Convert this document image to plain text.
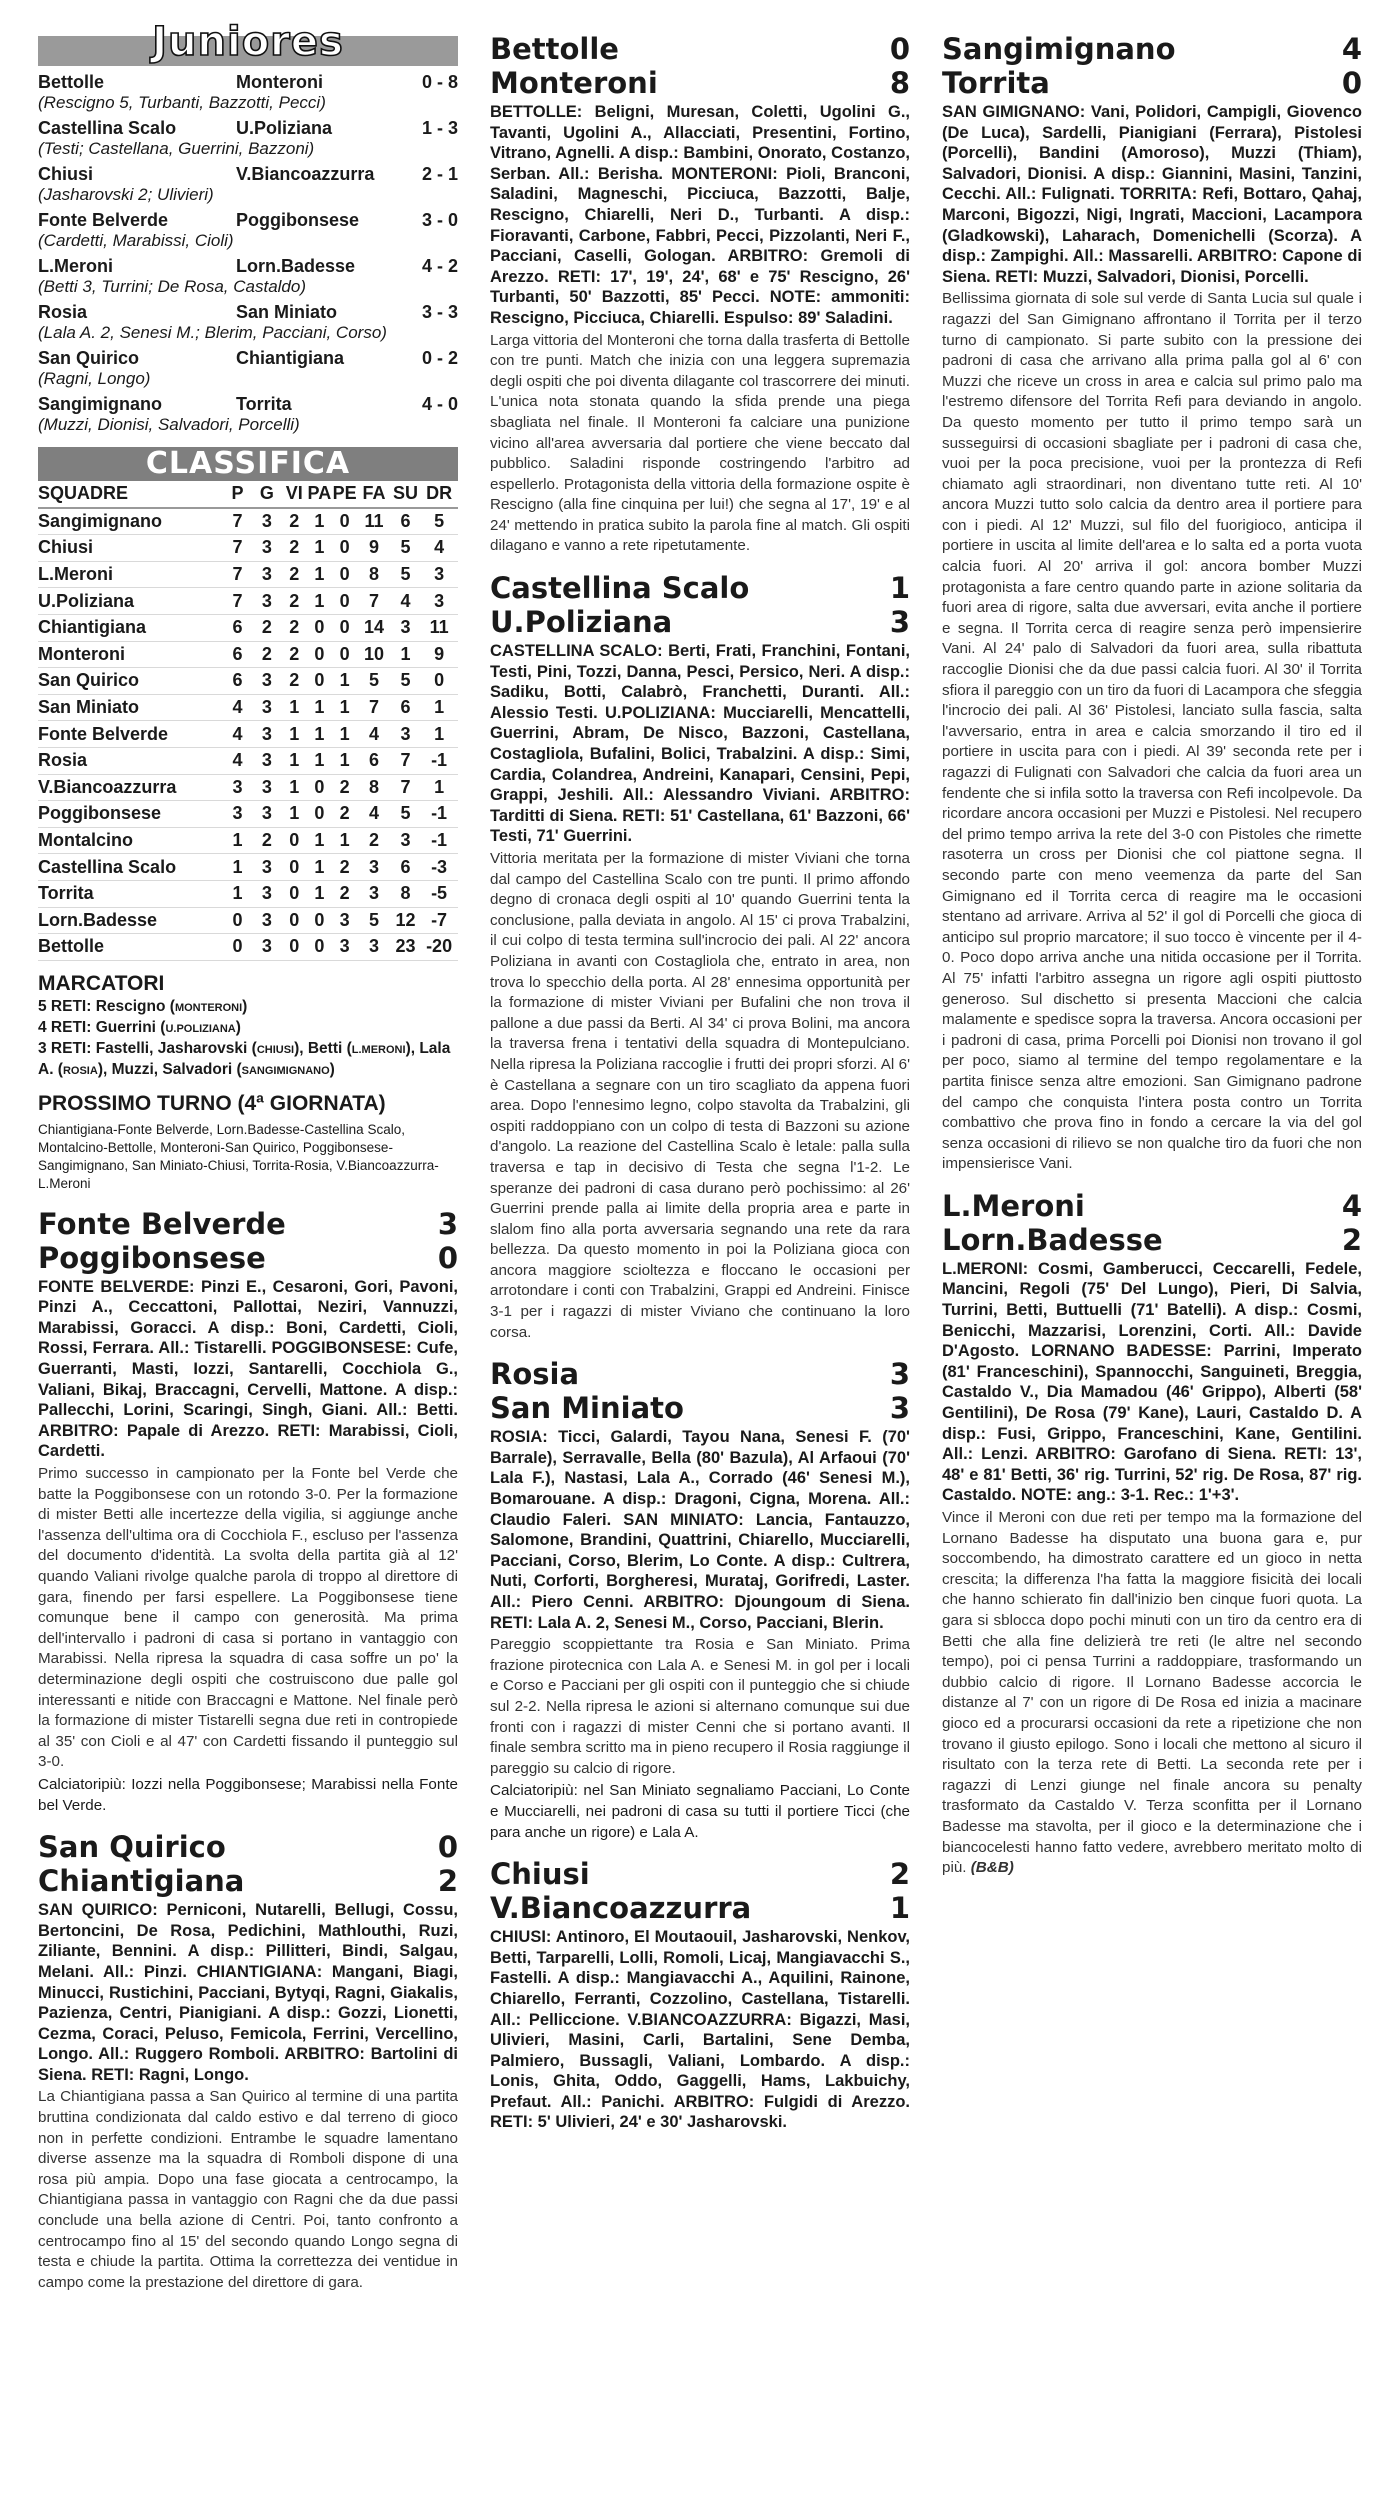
Juniores
Bettolle	Monteroni	0 - 8
(Rescigno 5, Turbanti, Bazzotti, Pecci)
Castellina Scalo	U.Poliziana	1 - 3
(Testi; Castellana, Guerrini, Bazzoni)
Chiusi	V.Biancoazzurra	2 - 1
(Jasharovski 2; Ulivieri)
Fonte Belverde	Poggibonsese	3 - 0
(Cardetti, Marabissi, Cioli)
L.Meroni	Lorn.Badesse	4 - 2
(Betti 3, Turrini; De Rosa, Castaldo)
Rosia	San Miniato	3 - 3
(Lala A. 2, Senesi M.; Blerim, Pacciani, Corso)
San Quirico	Chiantigiana	0 - 2
(Ragni, Longo)
Sangimignano	Torrita	4 - 0
(Muzzi, Dionisi, Salvadori, Porcelli)
CLASSIFICA
SQUADRE	P	G	VI	PA	PE	FA	SU	DR
Sangimignano	7	3	2	1	0	11	6	5
Chiusi	7	3	2	1	0	9	5	4
L.Meroni	7	3	2	1	0	8	5	3
U.Poliziana	7	3	2	1	0	7	4	3
Chiantigiana	6	2	2	0	0	14	3	11
Monteroni	6	2	2	0	0	10	1	9
San Quirico	6	3	2	0	1	5	5	0
San Miniato	4	3	1	1	1	7	6	1
Fonte Belverde	4	3	1	1	1	4	3	1
Rosia	4	3	1	1	1	6	7	-1
V.Biancoazzurra	3	3	1	0	2	8	7	1
Poggibonsese	3	3	1	0	2	4	5	-1
Montalcino	1	2	0	1	1	2	3	-1
Castellina Scalo	1	3	0	1	2	3	6	-3
Torrita	1	3	0	1	2	3	8	-5
Lorn.Badesse	0	3	0	0	3	5	12	-7
Bettolle	0	3	0	0	3	3	23	-20
MARCATORI
5 RETI: Rescigno (MONTERONI)
4 RETI: Guerrini (U.POLIZIANA)
3 RETI: Fastelli, Jasharovski (CHIUSI), Betti (L.MERONI), Lala A. (ROSIA), Muzzi, Salvadori (SANGIMIGNANO)
PROSSIMO TURNO (4ª GIORNATA)
Chiantigiana-Fonte Belverde, Lorn.Badesse-Castellina Scalo, Montalcino-Bettolle, Monteroni-San Quirico, Poggibonsese-Sangimignano, San Miniato-Chiusi, Torrita-Rosia, V.Biancoazzurra-L.Meroni
Fonte Belverde	3
Poggibonsese	0
FONTE BELVERDE: Pinzi E., Cesaroni, Gori, Pavoni, Pinzi A., Ceccattoni, Pallottai, Neziri, Vannuzzi, Marabissi, Goracci. A disp.: Boni, Cardetti, Cioli, Rossi, Ferrara. All.: Tistarelli. POGGIBONSESE: Cufe, Guerranti, Masti, Iozzi, Santarelli, Cocchiola G., Valiani, Bikaj, Braccagni, Cervelli, Mattone. A disp.: Pallecchi, Lorini, Scaringi, Singh, Giani. All.: Betti. ARBITRO: Papale di Arezzo. RETI: Marabissi, Cioli, Cardetti.
Primo successo in campionato per la Fonte bel Verde che batte la Poggibonsese con un rotondo 3-0. Per la formazione di mister Betti alle incertezze della vigilia, si aggiunge anche l'assenza dell'ultima ora di Cocchiola F., escluso per l'assenza del documento d'identità. La svolta della partita già al 12' quando Valiani rivolge qualche parola di troppo al direttore di gara, finendo per farsi espellere. La Poggibonsese tiene comunque bene il campo con generosità. Ma prima dell'intervallo i padroni di casa si portano in vantaggio con Marabissi. Nella ripresa la squadra di casa soffre un po' la determinazione degli ospiti che costruiscono due palle gol interessanti e nitide con Braccagni e Mattone. Nel finale però la formazione di mister Tistarelli segna due reti in contropiede al 35' con Cioli e al 47' con Cardetti fissando il punteggio sul 3-0.
Calciatoripiù: Iozzi nella Poggibonsese; Marabissi nella Fonte bel Verde.
San Quirico	0
Chiantigiana	2
SAN QUIRICO: Perniconi, Nutarelli, Bellugi, Cossu, Bertoncini, De Rosa, Pedichini, Mathlouthi, Ruzi, Ziliante, Bennini. A disp.: Pillitteri, Bindi, Salgau, Melani. All.: Pinzi. CHIANTIGIANA: Mangani, Biagi, Minucci, Rustichini, Pacciani, Bytyqi, Ragni, Giakalis, Pazienza, Centri, Pianigiani. A disp.: Gozzi, Lionetti, Cezma, Coraci, Peluso, Femicola, Ferrini, Vercellino, Longo. All.: Ruggero Romboli. ARBITRO: Bartolini di Siena. RETI: Ragni, Longo.
La Chiantigiana passa a San Quirico al termine di una partita bruttina condizionata dal caldo estivo e dal terreno di gioco non in perfette condizioni. Entrambe le squadre lamentano diverse assenze ma la squadra di Romboli dispone di una rosa più ampia. Dopo una fase giocata a centrocampo, la Chiantigiana passa in vantaggio con Ragni che da due passi conclude una bella azione di Centri. Poi, tanto confronto a centrocampo fino al 15' del secondo quando Longo segna di testa e chiude la partita. Ottima la correttezza dei ventidue in campo come la prestazione del direttore di gara.
Bettolle	0
Monteroni	8
BETTOLLE: Beligni, Muresan, Coletti, Ugolini G., Tavanti, Ugolini A., Allacciati, Presentini, Fortino, Vitrano, Agnelli. A disp.: Bambini, Onorato, Costanzo, Serban. All.: Berisha. MONTERONI: Pioli, Branconi, Saladini, Magneschi, Picciuca, Bazzotti, Balje, Rescigno, Chiarelli, Neri D., Turbanti. A disp.: Fioravanti, Carbone, Fabbri, Pecci, Pizzolanti, Neri F., Pacciani, Caselli, Gologan. ARBITRO: Gremoli di Arezzo. RETI: 17', 19', 24', 68' e 75' Rescigno, 26' Turbanti, 50' Bazzotti, 85' Pecci. NOTE: ammoniti: Rescigno, Picciuca, Chiarelli. Espulso: 89' Saladini.
Larga vittoria del Monteroni che torna dalla trasferta di Bettolle con tre punti. Match che inizia con una leggera supremazia degli ospiti che poi diventa dilagante col trascorrere dei minuti. L'unica nota stonata quando la sfida prende una piega sbagliata nel finale. Il Monteroni fa calciare una punizione vicino all'area avversaria dal portiere che viene beccato dal pubblico. Saladini risponde costringendo l'arbitro ad espellerlo. Protagonista della vittoria della formazione ospite è Rescigno (alla fine cinquina per lui!) che segna al 17', 19' e al 24' mettendo in pratica subito la parola fine al match. Gli ospiti dilagano e vanno a rete ripetutamente.
Castellina Scalo	1
U.Poliziana	3
CASTELLINA SCALO: Berti, Frati, Franchini, Fontani, Testi, Pini, Tozzi, Danna, Pesci, Persico, Neri. A disp.: Sadiku, Botti, Calabrò, Franchetti, Duranti. All.: Alessio Testi. U.POLIZIANA: Mucciarelli, Mencattelli, Guerrini, Abram, De Nisco, Bazzoni, Castellana, Costagliola, Bufalini, Bolici, Trabalzini. A disp.: Simi, Cardia, Colandrea, Andreini, Kanapari, Censini, Pepi, Grappi, Jeshili. All.: Alessandro Viviani. ARBITRO: Tarditti di Siena. RETI: 51' Castellana, 61' Bazzoni, 66' Testi, 71' Guerrini.
Vittoria meritata per la formazione di mister Viviani che torna dal campo del Castellina Scalo con tre punti. Il primo affondo degno di cronaca degli ospiti al 10' quando Guerrini tenta la conclusione, palla deviata in angolo. Al 15' ci prova Trabalzini, il cui colpo di testa termina sull'incrocio dei pali. Al 22' ancora Poliziana in avanti con Costagliola che, entrato in area, non trova lo specchio della porta. Al 28' ennesima opportunità per la formazione di mister Viviani per Bufalini che non trova il pallone a due passi da Berti. Al 34' ci prova Bolini, ma ancora la traversa frena i tentativi della squadra di Montepulciano. Nella ripresa la Poliziana raccoglie i frutti dei propri sforzi. Al 6' è Castellana a segnare con un tiro scagliato da appena fuori area. Dopo l'ennesimo legno, colpo stavolta da Trabalzini, gli ospiti raddoppiano con un colpo di testa di Bazzoni su azione d'angolo. La reazione del Castellina Scalo è letale: palla sulla traversa e tap in decisivo di Testa che segna l'1-2. Le speranze dei padroni di casa durano però pochissimo: al 26' Guerrini prende palla ai limite della propria area e parte in slalom fino alla porta avversaria segnando una rete da rara bellezza. Da questo momento in poi la Poliziana gioca con ancora maggiore scioltezza e floccano le occasioni per arrotondare i conti con Trabalzini, Grappi ed Andreini. Finisce 3-1 per i ragazzi di mister Viviano che continuano la loro corsa.
Rosia	3
San Miniato	3
ROSIA: Ticci, Galardi, Tayou Nana, Senesi F. (70' Barrale), Serravalle, Bella (80' Bazula), Al Arfaoui (70' Lala F.), Nastasi, Lala A., Corrado (46' Senesi M.), Bomarouane. A disp.: Dragoni, Cigna, Morena. All.: Claudio Faleri. SAN MINIATO: Lancia, Fantauzzo, Salomone, Brandini, Quattrini, Chiarello, Mucciarelli, Pacciani, Corso, Blerim, Lo Conte. A disp.: Cultrera, Nuti, Corforti, Borgheresi, Murataj, Gorifredi, Laster. All.: Piero Cenni. ARBITRO: Djoungoum di Siena. RETI: Lala A. 2, Senesi M., Corso, Pacciani, Blerin.
Pareggio scoppiettante tra Rosia e San Miniato. Prima frazione pirotecnica con Lala A. e Senesi M. in gol per i locali e Corso e Pacciani per gli ospiti con il punteggio che si chiude sul 2-2. Nella ripresa le azioni si alternano comunque sui due fronti con i ragazzi di mister Cenni che si portano avanti. Il finale sembra scritto ma in pieno recupero il Rosia raggiunge il pareggio su calcio di rigore.
Calciatoripiù: nel San Miniato segnaliamo Pacciani, Lo Conte e Mucciarelli, nei padroni di casa su tutti il portiere Ticci (che para anche un rigore) e Lala A.
Chiusi	2
V.Biancoazzurra	1
CHIUSI: Antinoro, El Moutaouil, Jasharovski, Nenkov, Betti, Tarparelli, Lolli, Romoli, Licaj, Mangiavacchi S., Fastelli. A disp.: Mangiavacchi A., Aquilini, Rainone, Chiarello, Ferranti, Cozzolino, Castellana, Tistarelli. All.: Pelliccione. V.BIANCOAZZURRA: Bigazzi, Masi, Ulivieri, Masini, Carli, Bartalini, Sene Demba, Palmiero, Bussagli, Valiani, Lombardo. A disp.: Lonis, Ghita, Oddo, Gaggelli, Hams, Lakbuichy, Prefaut. All.: Panichi. ARBITRO: Fulgidi di Arezzo. RETI: 5' Ulivieri, 24' e 30' Jasharovski.
Sangimignano	4
Torrita	0
SAN GIMIGNANO: Vani, Polidori, Campigli, Giovenco (De Luca), Sardelli, Pianigiani (Ferrara), Pistolesi (Porcelli), Bandini (Amoroso), Muzzi (Thiam), Salvadori, Dionisi. A disp.: Giannini, Masini, Tanzini, Cecchi. All.: Fulignati. TORRITA: Refi, Bottaro, Qahaj, Marconi, Bigozzi, Nigi, Ingrati, Maccioni, Lacampora (Gladkowski), Laharach, Domenichelli (Scorza). A disp.: Zampighi. All.: Massarelli. ARBITRO: Capone di Siena. RETI: Muzzi, Salvadori, Dionisi, Porcelli.
Bellissima giornata di sole sul verde di Santa Lucia sul quale i ragazzi del San Gimignano affrontano il Torrita per il terzo turno di campionato. Si parte subito con la pressione dei padroni di casa che arrivano alla prima palla gol al 6' con Muzzi che riceve un cross in area e calcia sul primo palo ma l'estremo difensore del Torrita Refi para deviando in angolo. Da questo momento per tutto il primo tempo sarà un susseguirsi di occasioni sbagliate per i padroni di casa che, vuoi per la poca precisione, vuoi per la prontezza di Refi chiamato agli straordinari, non diventano tutte reti. Al 10' ancora Muzzi tutto solo calcia da dentro area il portiere para con i piedi. Al 12' Muzzi, sul filo del fuorigioco, anticipa il portiere in uscita al limite dell'area e lo salta ed a porta vuota calcia fuori. Al 20' arriva il gol: ancora bomber Muzzi protagonista a fare centro quando parte in azione solitaria da fuori area di rigore, salta due avversari, evita anche il portiere e segna. Il Torrita cerca di reagire senza però impensierire Vani. Al 24' palo di Salvadori da fuori area, sulla ribattuta raccoglie Dionisi che da due passi calcia fuori. Al 30' il Torrita sfiora il pareggio con un tiro da fuori di Lacampora che sfeggia l'incrocio dei pali. Al 36' Pistolesi, lanciato sulla fascia, salta l'avversario, entra in area e calcia smorzando il tiro ed il portiere in uscita para con i piedi. Al 39' seconda rete per i ragazzi di Fulignati con Salvadori che calcia da fuori area un fendente che si infila sotto la traversa con Refi incolpevole. Da ricordare ancora occasioni per Muzzi e Pistolesi. Nel recupero del primo tempo arriva la rete del 3-0 con Pistoles che rimette rasoterra un cross per Dionisi che col piattone segna. Il secondo parte con meno veemenza da parte del San Gimignano ed il Torrita cerca di reagire ma le occasioni stentano ad arrivare. Arriva al 52' il gol di Porcelli che gioca di anticipo sul proprio marcatore; il suo tocco è vincente per il 4-0. Poco dopo arriva anche una nitida occasione per il Torrita. Al 75' infatti l'arbitro assegna un rigore agli ospiti piuttosto generoso. Sul dischetto si presenta Maccioni che calcia malamente e spedisce sopra la traversa. Ancora occasioni per i padroni di casa, prima Porcelli poi Dionisi non trovano il gol per poco, siamo al termine del tempo regolamentare e la partita finisce senza altre emozioni. San Gimignano padrone del campo che conquista l'intera posta contro un Torrita combattivo che prova fino in fondo a cercare la via del gol senza occasioni di rilievo se non qualche tiro da fuori che non impensierisce Vani.
L.Meroni	4
Lorn.Badesse	2
L.MERONI: Cosmi, Gamberucci, Ceccarelli, Fedele, Mancini, Regoli (75' Del Lungo), Pieri, Di Salvia, Turrini, Betti, Buttuelli (71' Batelli). A disp.: Cosmi, Benicchi, Mazzarisi, Lorenzini, Corti. All.: Davide D'Agosto. LORNANO BADESSE: Parrini, Imperato (81' Franceschini), Spannocchi, Sanguineti, Breggia, Castaldo V., Dia Mamadou (46' Grippo), Alberti (58' Gentilini), De Rosa (79' Kane), Lauri, Castaldo D. A disp.: Fusi, Grippo, Franceschini, Kane, Gentilini. All.: Lenzi. ARBITRO: Garofano di Siena. RETI: 13', 48' e 81' Betti, 36' rig. Turrini, 52' rig. De Rosa, 87' rig. Castaldo. NOTE: ang.: 3-1. Rec.: 1'+3'.
Vince il Meroni con due reti per tempo ma la formazione del Lornano Badesse ha disputato una buona gara e, pur soccombendo, ha dimostrato carattere ed un gioco in netta crescita; la differenza l'ha fatta la maggiore fisicità dei locali che hanno schierato fin dall'inizio ben cinque fuori quota. La gara si sblocca dopo pochi minuti con un tiro da centro era di Betti che alla fine delizierà tre reti (le altre nel secondo tempo), poi ci pensa Turrini a raddoppiare, trasformando un dubbio calcio di rigore. Il Lornano Badesse accorcia le distanze al 7' con un rigore di De Rosa ed inizia a macinare gioco ed a procurarsi occasioni da rete a ripetizione che non trovano il giusto epilogo. Sono i locali che mettono al sicuro il risultato con la terza rete di Betti. La seconda rete per i ragazzi di Lenzi giunge nel finale ancora su penalty trasformato da Castaldo V. Terza sconfitta per il Lornano Badesse ma stavolta, per il gioco e la determinazione che i biancocelesti hanno fatto vedere, avrebbero meritato molto di più. (B&B)
